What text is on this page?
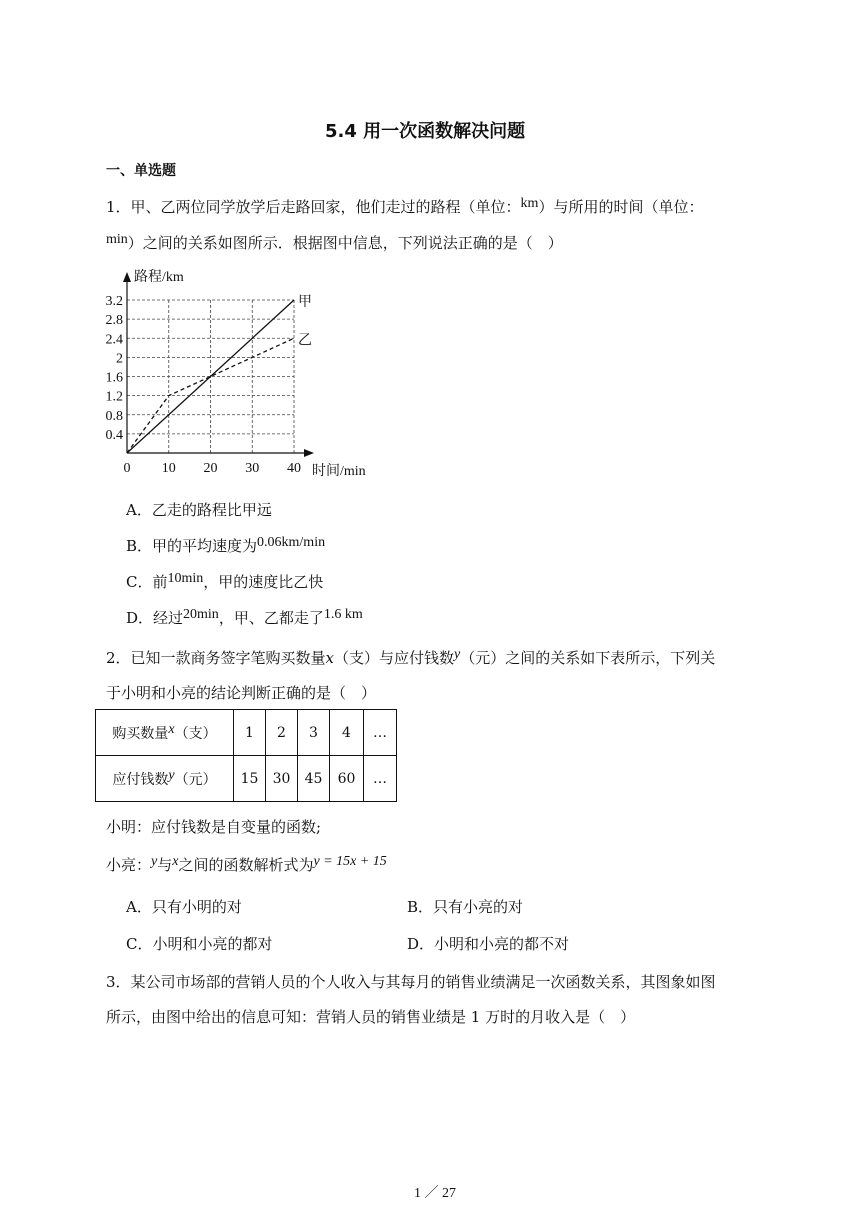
5.4 用一次函数解决问题
一、单选题
1．甲、乙两位同学放学后走路回家，他们走过的路程（单位：km）与所用的时间（单位：
min）之间的关系如图所示．根据图中信息，下列说法正确的是（　）
0.4
0.8
1.2
1.6
2
2.4
2.8
3.2
0 10 20 30 40
路程/km
时间/min
甲
乙
A．乙走的路程比甲远
B．甲的平均速度为0.06km/min
C．前10min，甲的速度比乙快
D．经过20min，甲、乙都走了1.6 km
2．已知一款商务签字笔购买数量x（支）与应付钱数y（元）之间的关系如下表所示，下列关
于小明和小亮的结论判断正确的是（　）
购买数量x（支）	1	2	3	4	…
应付钱数y（元）	15	30	45	60	…
小明：应付钱数是自变量的函数;
小亮：y与x之间的函数解析式为y = 15x + 15
A．只有小明的对	B．只有小亮的对
C．小明和小亮的都对	D．小明和小亮的都不对
3．某公司市场部的营销人员的个人收入与其每月的销售业绩满足一次函数关系，其图象如图
所示，由图中给出的信息可知：营销人员的销售业绩是 1 万时的月收入是（　）
1 ／ 27
